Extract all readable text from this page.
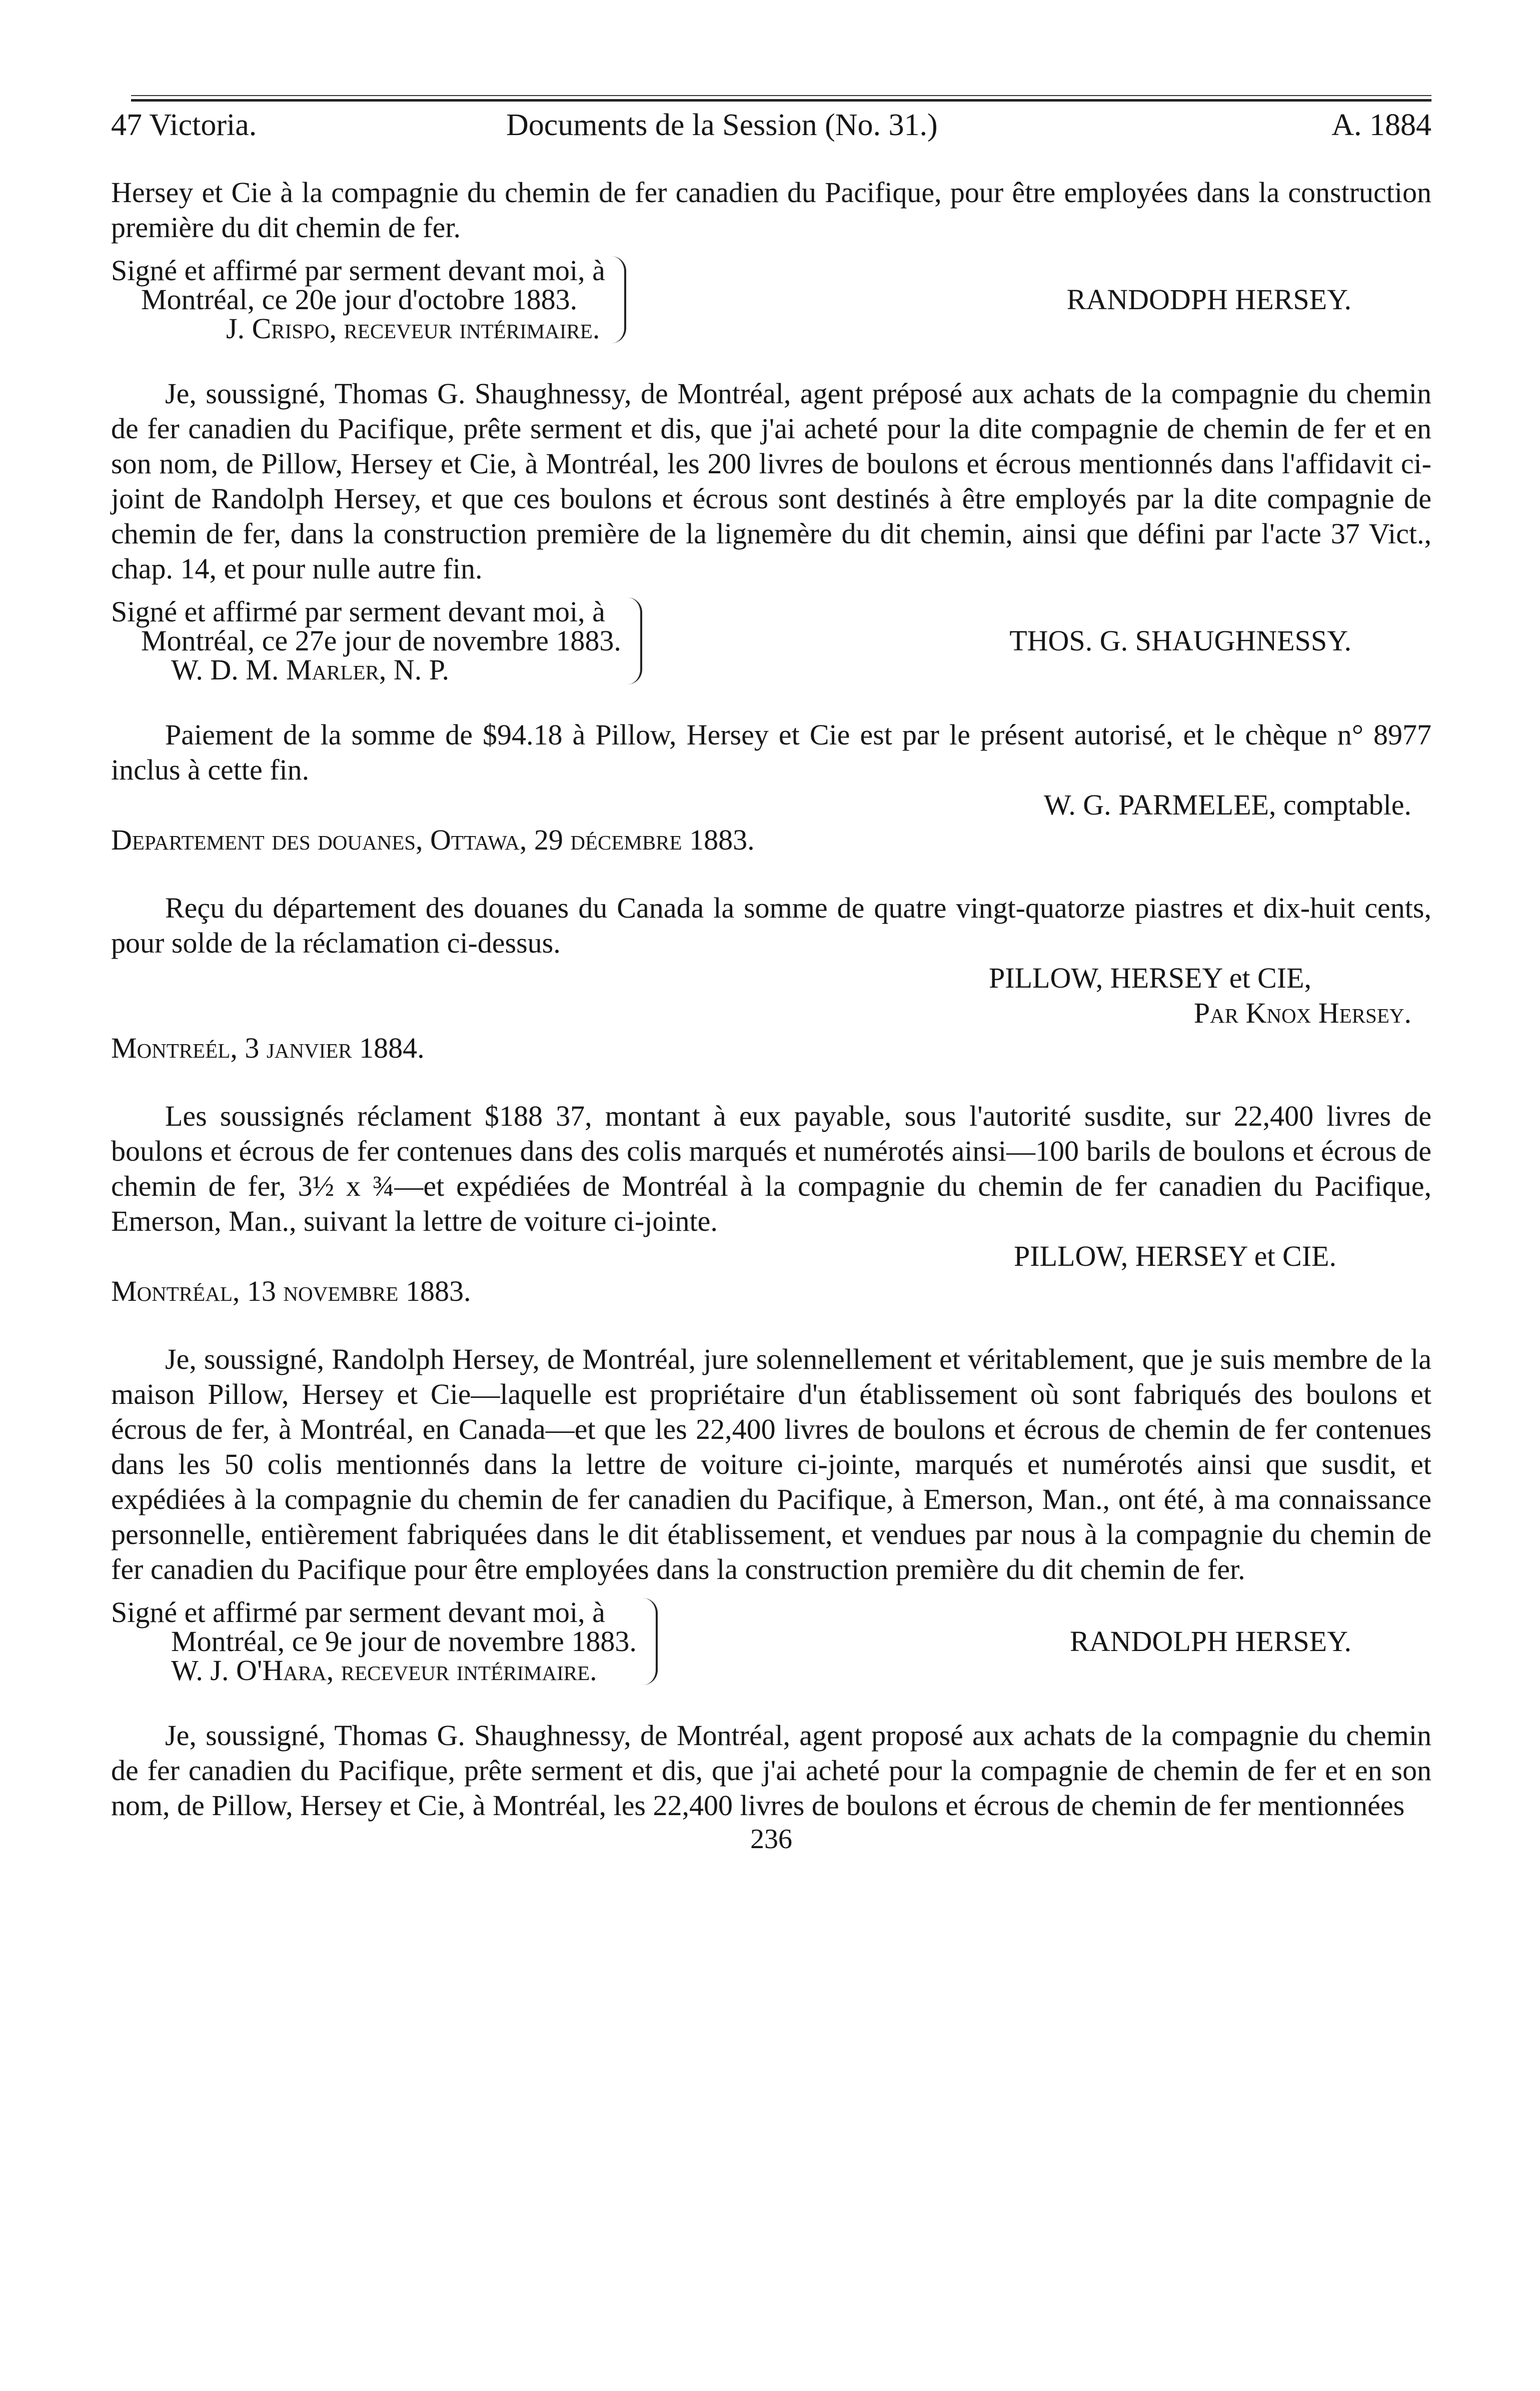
47 Victoria.	Documents de la Session (No. 31.)	A. 1884

Hersey et Cie à la compagnie du chemin de fer canadien du Pacifique, pour être employées dans la construction première du dit chemin de fer.

Signé et affirmé par serment devant moi, à
Montréal, ce 20e jour d'octobre 1883.
J. Crispo, receveur intérimaire.
RANDODPH HERSEY.

Je, soussigné, Thomas G. Shaughnessy, de Montréal, agent préposé aux achats de la compagnie du chemin de fer canadien du Pacifique, prête serment et dis, que j'ai acheté pour la dite compagnie de chemin de fer et en son nom, de Pillow, Hersey et Cie, à Montréal, les 200 livres de boulons et écrous mentionnés dans l'affidavit ci-joint de Randolph Hersey, et que ces boulons et écrous sont destinés à être employés par la dite compagnie de chemin de fer, dans la construction première de la lignemère du dit chemin, ainsi que défini par l'acte 37 Vict., chap. 14, et pour nulle autre fin.

Signé et affirmé par serment devant moi, à
Montréal, ce 27e jour de novembre 1883.
W. D. M. Marler, N. P.
THOS. G. SHAUGHNESSY.

Paiement de la somme de $94.18 à Pillow, Hersey et Cie est par le présent autorisé, et le chèque n° 8977 inclus à cette fin.

W. G. PARMELEE, comptable.
Departement des douanes, Ottawa, 29 décembre 1883.

Reçu du département des douanes du Canada la somme de quatre vingt-quatorze piastres et dix-huit cents, pour solde de la réclamation ci-dessus.

PILLOW, HERSEY et CIE,
Par Knox Hersey.
Montreél, 3 janvier 1884.

Les soussignés réclament $188 37, montant à eux payable, sous l'autorité susdite, sur 22,400 livres de boulons et écrous de fer contenues dans des colis marqués et numérotés ainsi—100 barils de boulons et écrous de chemin de fer, 3½ x ¾—et expédiées de Montréal à la compagnie du chemin de fer canadien du Pacifique, Emerson, Man., suivant la lettre de voiture ci-jointe.

PILLOW, HERSEY et CIE.
Montréal, 13 novembre 1883.

Je, soussigné, Randolph Hersey, de Montréal, jure solennellement et véritablement, que je suis membre de la maison Pillow, Hersey et Cie—laquelle est propriétaire d'un établissement où sont fabriqués des boulons et écrous de fer, à Montréal, en Canada—et que les 22,400 livres de boulons et écrous de chemin de fer contenues dans les 50 colis mentionnés dans la lettre de voiture ci-jointe, marqués et numérotés ainsi que susdit, et expédiées à la compagnie du chemin de fer canadien du Pacifique, à Emerson, Man., ont été, à ma connaissance personnelle, entièrement fabriquées dans le dit établissement, et vendues par nous à la compagnie du chemin de fer canadien du Pacifique pour être employées dans la construction première du dit chemin de fer.

Signé et affirmé par serment devant moi, à
Montréal, ce 9e jour de novembre 1883.
W. J. O'Hara, receveur intérimaire.
RANDOLPH HERSEY.

Je, soussigné, Thomas G. Shaughnessy, de Montréal, agent proposé aux achats de la compagnie du chemin de fer canadien du Pacifique, prête serment et dis, que j'ai acheté pour la compagnie de chemin de fer et en son nom, de Pillow, Hersey et Cie, à Montréal, les 22,400 livres de boulons et écrous de chemin de fer mentionnées

236
